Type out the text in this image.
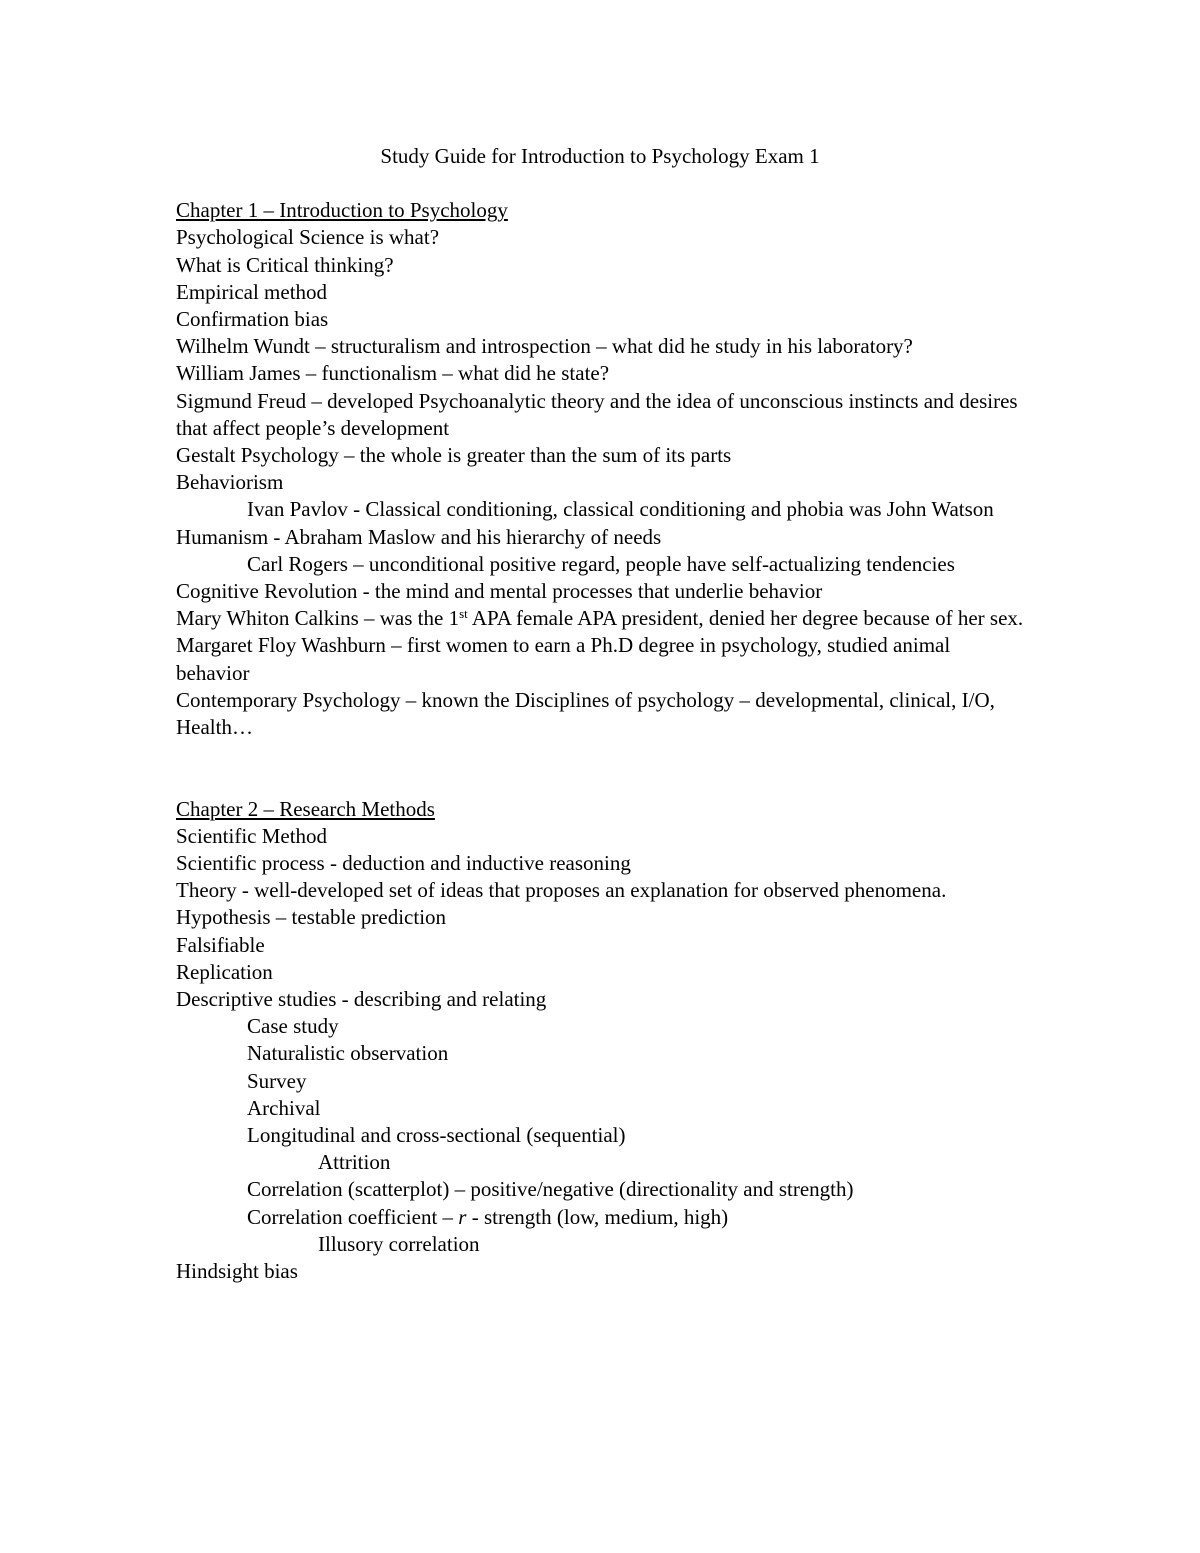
Study Guide for Introduction to Psychology Exam 1
Chapter 1 – Introduction to Psychology
Psychological Science is what?
What is Critical thinking?
Empirical method
Confirmation bias
Wilhelm Wundt – structuralism and introspection – what did he study in his laboratory?
William James – functionalism – what did he state?
Sigmund Freud – developed Psychoanalytic theory and the idea of unconscious instincts and desires that affect people’s development
Gestalt Psychology – the whole is greater than the sum of its parts
Behaviorism
Ivan Pavlov - Classical conditioning, classical conditioning and phobia was John Watson
Humanism - Abraham Maslow and his hierarchy of needs
Carl Rogers – unconditional positive regard, people have self-actualizing tendencies
Cognitive Revolution - the mind and mental processes that underlie behavior
Mary Whiton Calkins – was the 1st APA female APA president, denied her degree because of her sex.
Margaret Floy Washburn – first women to earn a Ph.D degree in psychology, studied animal behavior
Contemporary Psychology – known the Disciplines of psychology – developmental, clinical, I/O, Health…
Chapter 2 – Research Methods
Scientific Method
Scientific process - deduction and inductive reasoning
Theory - well-developed set of ideas that proposes an explanation for observed phenomena.
Hypothesis – testable prediction
Falsifiable
Replication
Descriptive studies - describing and relating
Case study
Naturalistic observation
Survey
Archival
Longitudinal and cross-sectional (sequential)
Attrition
Correlation (scatterplot) – positive/negative (directionality and strength)
Correlation coefficient – r - strength (low, medium, high)
Illusory correlation
Hindsight bias
